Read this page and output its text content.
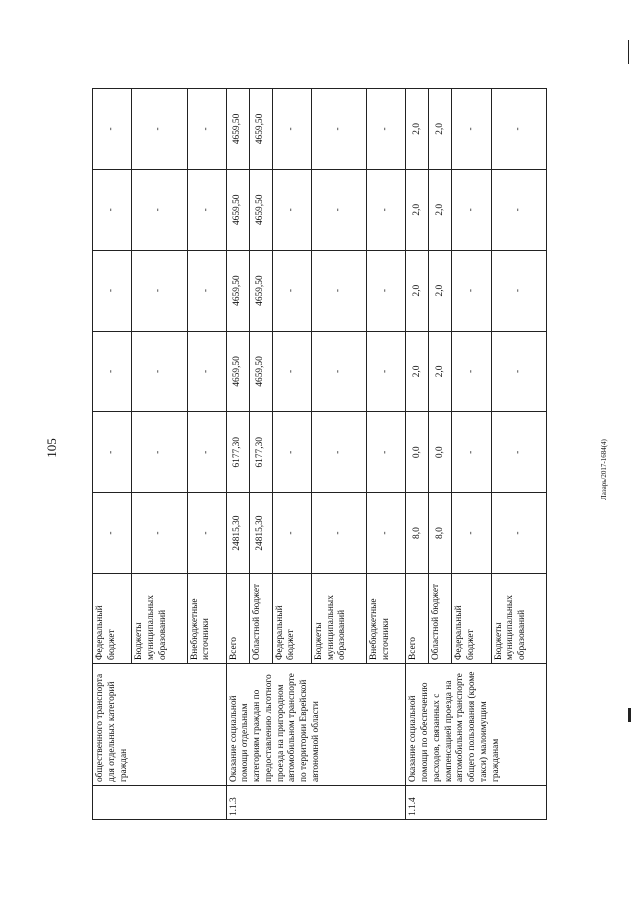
105	Лазарь/2017-1684(4)
	общественного транспорта для отдельных категорий граждан	Федеральный бюджет	-	-	-	-	-	-
		Бюджеты муниципальных образований	-	-	-	-	-	-
		Внебюджетные источники	-	-	-	-	-	-
1.1.3	Оказание социальной помощи отдельным категориям граждан по предоставлению льготного проезда на пригородном автомобильном транспорте по территории Еврейской автономной области	Всего	24815,30	6177,30	4659,50	4659,50	4659,50	4659,50
		Областной бюджет	24815,30	6177,30	4659,50	4659,50	4659,50	4659,50
		Федеральный бюджет	-	-	-	-	-	-
		Бюджеты муниципальных образований	-	-	-	-	-	-
		Внебюджетные источники	-	-	-	-	-	-
1.1.4	Оказание социальной помощи по обеспечению расходов, связанных с компенсацией проезда на автомобильном транспорте общего пользования (кроме такси) малоимущим гражданам	Всего	8,0	0,0	2,0	2,0	2,0	2,0
		Областной бюджет	8,0	0,0	2,0	2,0	2,0	2,0
		Федеральный бюджет	-	-	-	-	-	-
		Бюджеты муниципальных образований	-	-	-	-	-	-
